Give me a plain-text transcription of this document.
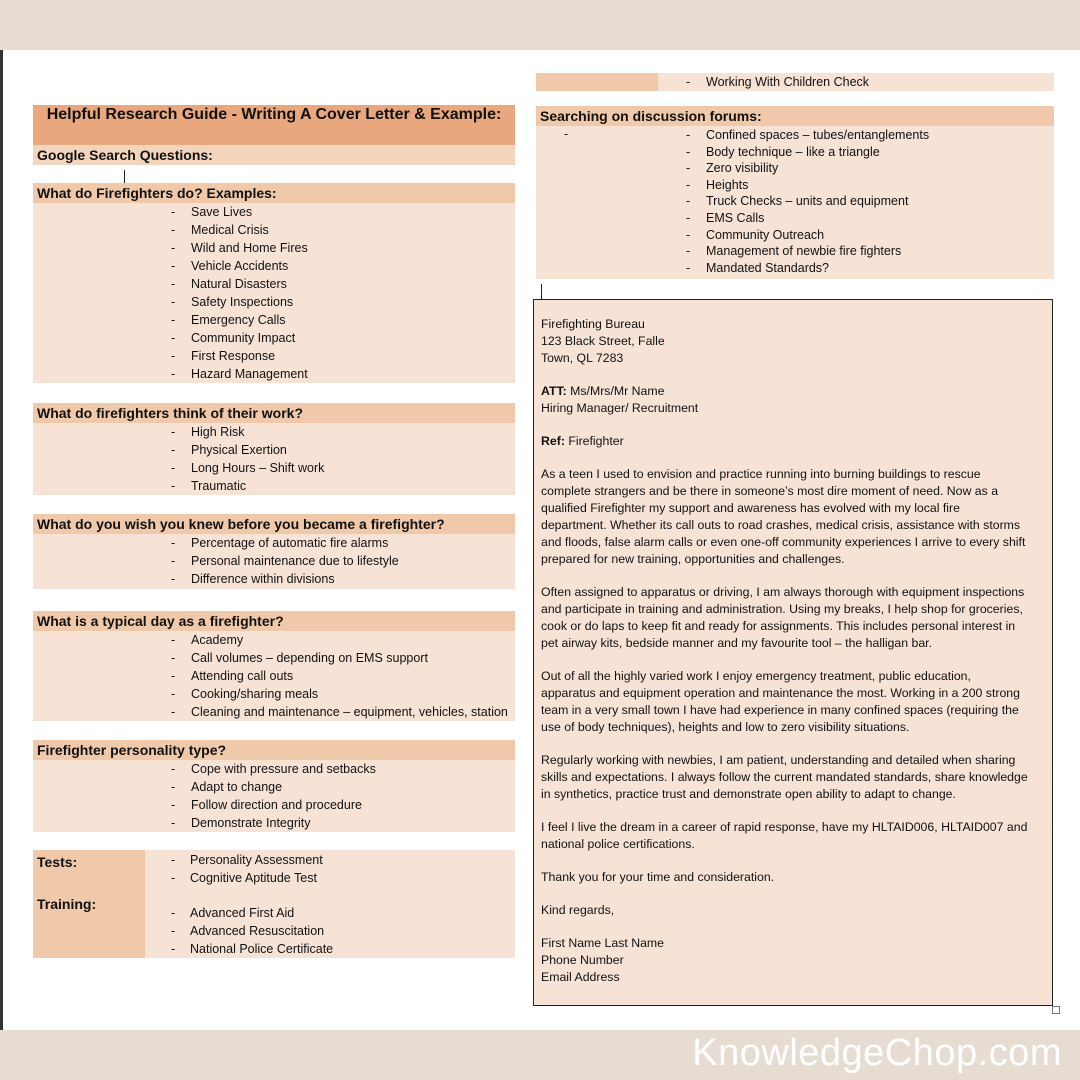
- Working With Children Check
Helpful Research Guide - Writing A Cover Letter & Example:
Google Search Questions:
What do Firefighters do? Examples:
- Save Lives
- Medical Crisis
- Wild and Home Fires
- Vehicle Accidents
- Natural Disasters
- Safety Inspections
- Emergency Calls
- Community Impact
- First Response
- Hazard Management
What do firefighters think of their work?
- High Risk
- Physical Exertion
- Long Hours – Shift work
- Traumatic
What do you wish you knew before you became a firefighter?
- Percentage of automatic fire alarms
- Personal maintenance due to lifestyle
- Difference within divisions
What is a typical day as a firefighter?
- Academy
- Call volumes – depending on EMS support
- Attending call outs
- Cooking/sharing meals
- Cleaning and maintenance – equipment, vehicles, station
Firefighter personality type?
- Cope with pressure and setbacks
- Adapt to change
- Follow direction and procedure
- Demonstrate Integrity
Tests:
Training:
- Personality Assessment
- Cognitive Aptitude Test
- Advanced First Aid
- Advanced Resuscitation
- National Police Certificate
Searching on discussion forums:
-	- Confined spaces – tubes/entanglements
- Body technique – like a triangle
- Zero visibility
- Heights
- Truck Checks – units and equipment
- EMS Calls
- Community Outreach
- Management of newbie fire fighters
- Mandated Standards?

Firefighting Bureau
123 Black Street, Falle
Town, QL 7283

ATT: Ms/Mrs/Mr Name
Hiring Manager/ Recruitment

Ref: Firefighter

As a teen I used to envision and practice running into burning buildings to rescue
complete strangers and be there in someone’s most dire moment of need. Now as a
qualified Firefighter my support and awareness has evolved with my local fire
department. Whether its call outs to road crashes, medical crisis, assistance with storms
and floods, false alarm calls or even one-off community experiences I arrive to every shift
prepared for new training, opportunities and challenges.

Often assigned to apparatus or driving, I am always thorough with equipment inspections
and participate in training and administration. Using my breaks, I help shop for groceries,
cook or do laps to keep fit and ready for assignments. This includes personal interest in
pet airway kits, bedside manner and my favourite tool – the halligan bar.

Out of all the highly varied work I enjoy emergency treatment, public education,
apparatus and equipment operation and maintenance the most. Working in a 200 strong
team in a very small town I have had experience in many confined spaces (requiring the
use of body techniques), heights and low to zero visibility situations.

Regularly working with newbies, I am patient, understanding and detailed when sharing
skills and expectations. I always follow the current mandated standards, share knowledge
in synthetics, practice trust and demonstrate open ability to adapt to change.

I feel I live the dream in a career of rapid response, have my HLTAID006, HLTAID007 and
national police certifications.

Thank you for your time and consideration.

Kind regards,

First Name Last Name
Phone Number
Email Address

KnowledgeChop.com
